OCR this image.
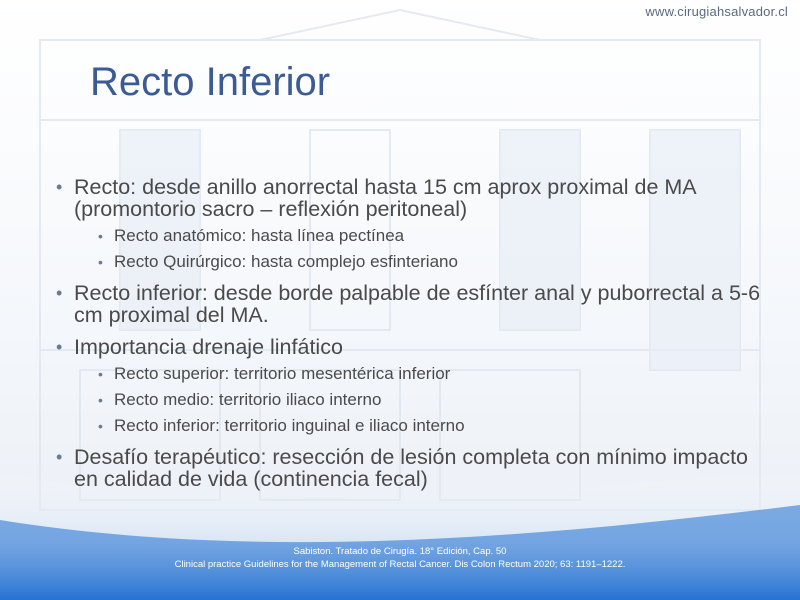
www.cirugiahsalvador.cl
Recto Inferior
• Recto: desde anillo anorrectal hasta 15 cm aprox proximal de MA (promontorio sacro – reflexión peritoneal)
• Recto anatómico: hasta línea pectínea
• Recto Quirúrgico: hasta complejo esfinteriano
• Recto inferior: desde borde palpable de esfínter anal y puborrectal a 5-6 cm proximal del MA.
• Importancia drenaje linfático
• Recto superior: territorio mesentérica inferior
• Recto medio: territorio iliaco interno
• Recto inferior: territorio inguinal e iliaco interno
• Desafío terapéutico: resección de lesión completa con mínimo impacto en calidad de vida (continencia fecal)
Sabiston. Tratado de Cirugía. 18° Edición, Cap. 50
Clinical practice Guidelines for the Management of Rectal Cancer. Dis Colon Rectum 2020; 63: 1191–1222.
